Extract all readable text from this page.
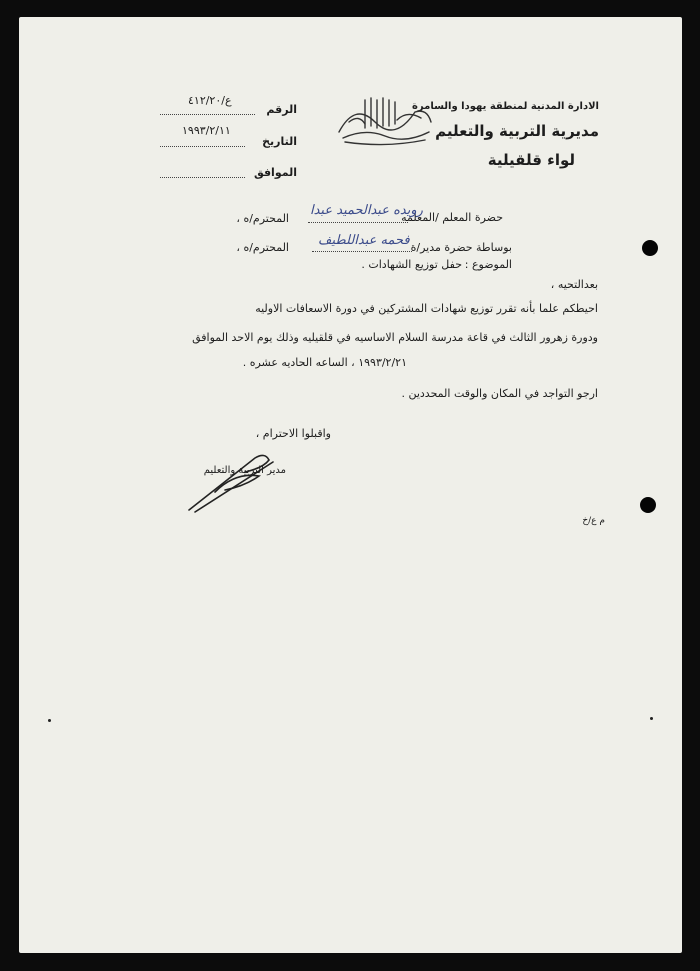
الادارة المدنية لمنطقة يهودا والسامرة
مديرية التربية والتعليم
لواء قلقيلية
الرقم
ع/٤١٢/٢٠
التاريخ
١٩٩٣/٢/١١
الموافق
حضرة المعلم /المعلمه
رويده عبدالحميد عبدا
المحترم/ه ،
بوساطة حضرة مدير/ة
فحمه عبداللطيف
المحترم/ه ،
الموضوع :
حفل توزيع الشهادات .
بعدالتحيه ،
احيطكم علما بأنه تقرر توزيع شهادات المشتركين في دورة الاسعافات الاوليه
ودورة زهرور الثالث في قاعة مدرسة السلام الاساسيه في قلقيليه وذلك يوم الاحد الموافق
١٩٩٣/٢/٢١ ، الساعه الحاديه عشره .
ارجو التواجد في المكان والوقت المحددين .
واقبلوا الاحترام ،
مدير التربية والتعليم
م ع/خ
